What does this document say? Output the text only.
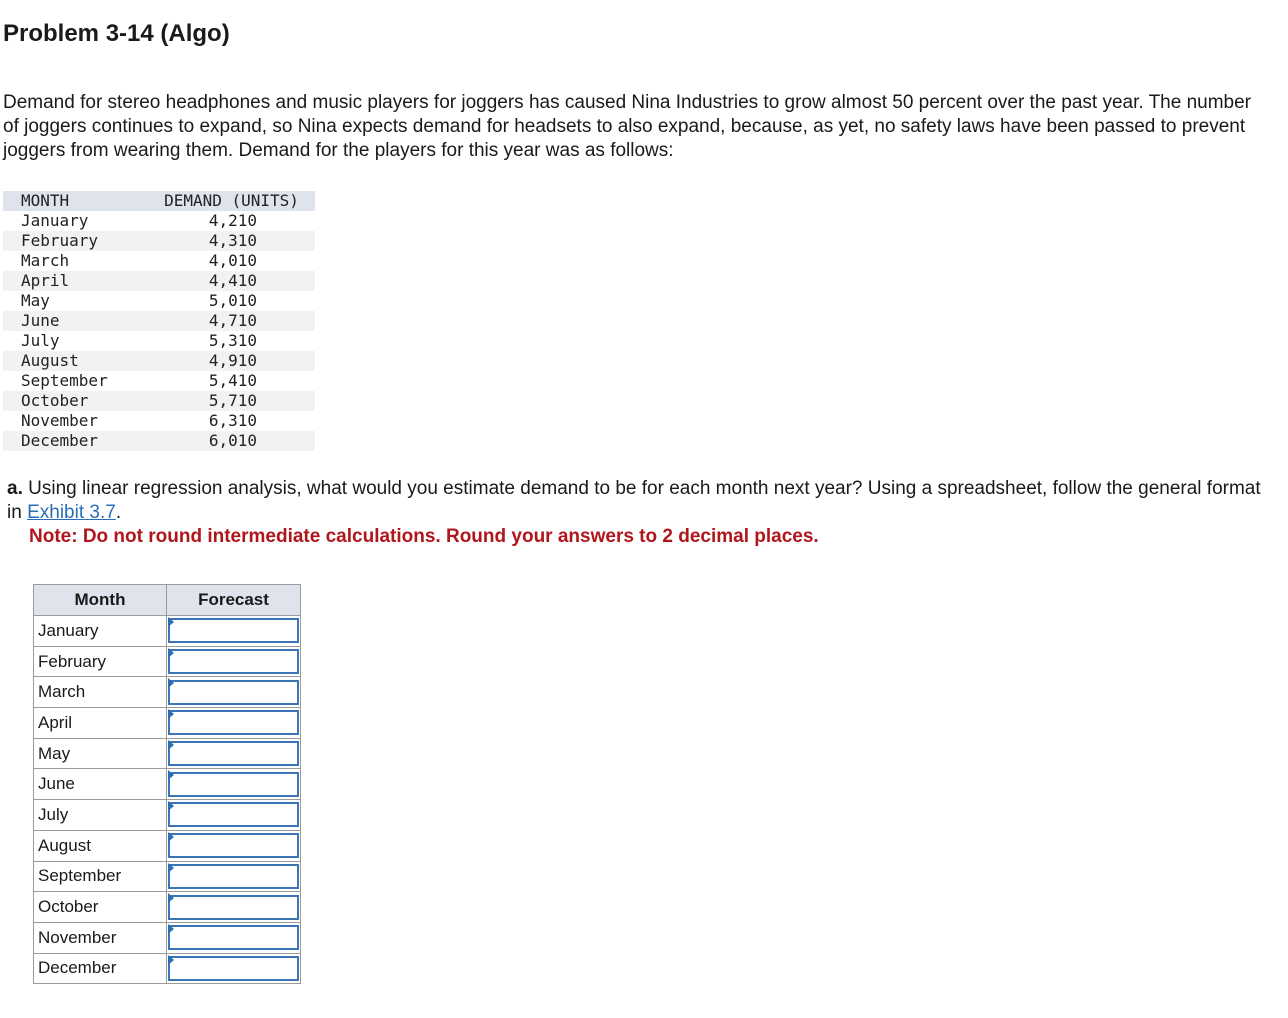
Problem 3-14 (Algo)

Demand for stereo headphones and music players for joggers has caused Nina Industries to grow almost 50 percent over the past year. The number of joggers continues to expand, so Nina expects demand for headsets to also expand, because, as yet, no safety laws have been passed to prevent joggers from wearing them. Demand for the players for this year was as follows:

MONTH	DEMAND (UNITS)
January	4,210
February	4,310
March	4,010
April	4,410
May	5,010
June	4,710
July	5,310
August	4,910
September	5,410
October	5,710
November	6,310
December	6,010
a. Using linear regression analysis, what would you estimate demand to be for each month next year? Using a spreadsheet, follow the general format in Exhibit 3.7.
Note: Do not round intermediate calculations. Round your answers to 2 decimal places.
Month	Forecast
January	

February	

March	

April	

May	

June	

July	

August	

September	

October	

November	

December	
